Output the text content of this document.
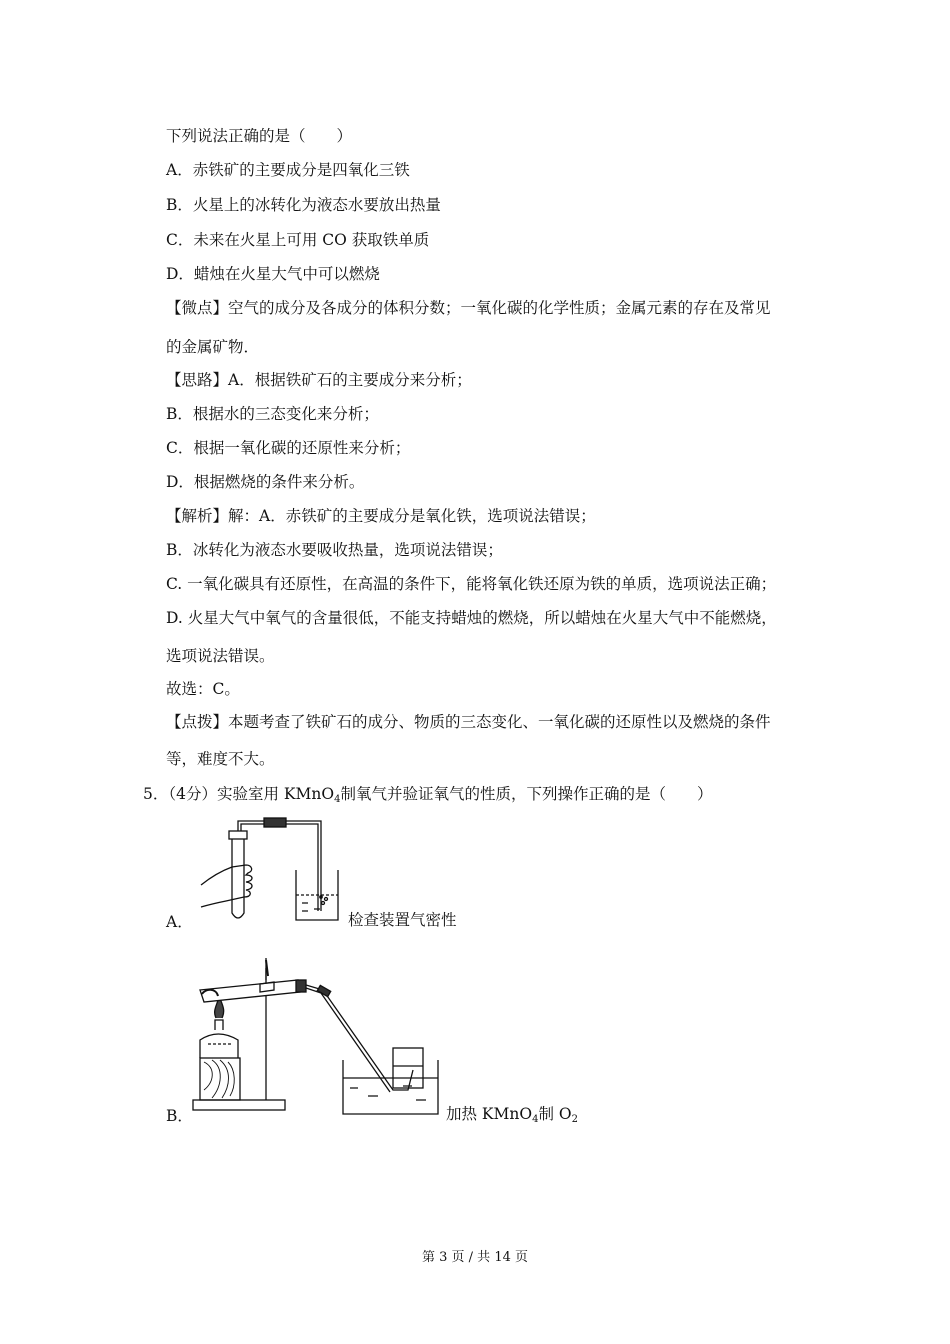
下列说法正确的是（　　）
A．赤铁矿的主要成分是四氧化三铁
B．火星上的冰转化为液态水要放出热量
C．未来在火星上可用 CO 获取铁单质
D．蜡烛在火星大气中可以燃烧
【微点】空气的成分及各成分的体积分数；一氧化碳的化学性质；金属元素的存在及常见
的金属矿物．
【思路】A．根据铁矿石的主要成分来分析；
B．根据水的三态变化来分析；
C．根据一氧化碳的还原性来分析；
D．根据燃烧的条件来分析。
【解析】解：A．赤铁矿的主要成分是氧化铁，选项说法错误；
B．冰转化为液态水要吸收热量，选项说法错误；
C. 一氧化碳具有还原性，在高温的条件下，能将氧化铁还原为铁的单质，选项说法正确；
D. 火星大气中氧气的含量很低，不能支持蜡烛的燃烧，所以蜡烛在火星大气中不能燃烧，
选项说法错误。
故选：C。
【点拨】本题考查了铁矿石的成分、物质的三态变化、一氧化碳的还原性以及燃烧的条件
等，难度不大。
5．（4分）实验室用 KMnO$_4$制氧气并验证氧气的性质，下列操作正确的是（　　）
A．	检查装置气密性
B．	加热 KMnO$_4$制 $O_2$
第 3 页 / 共 14 页
